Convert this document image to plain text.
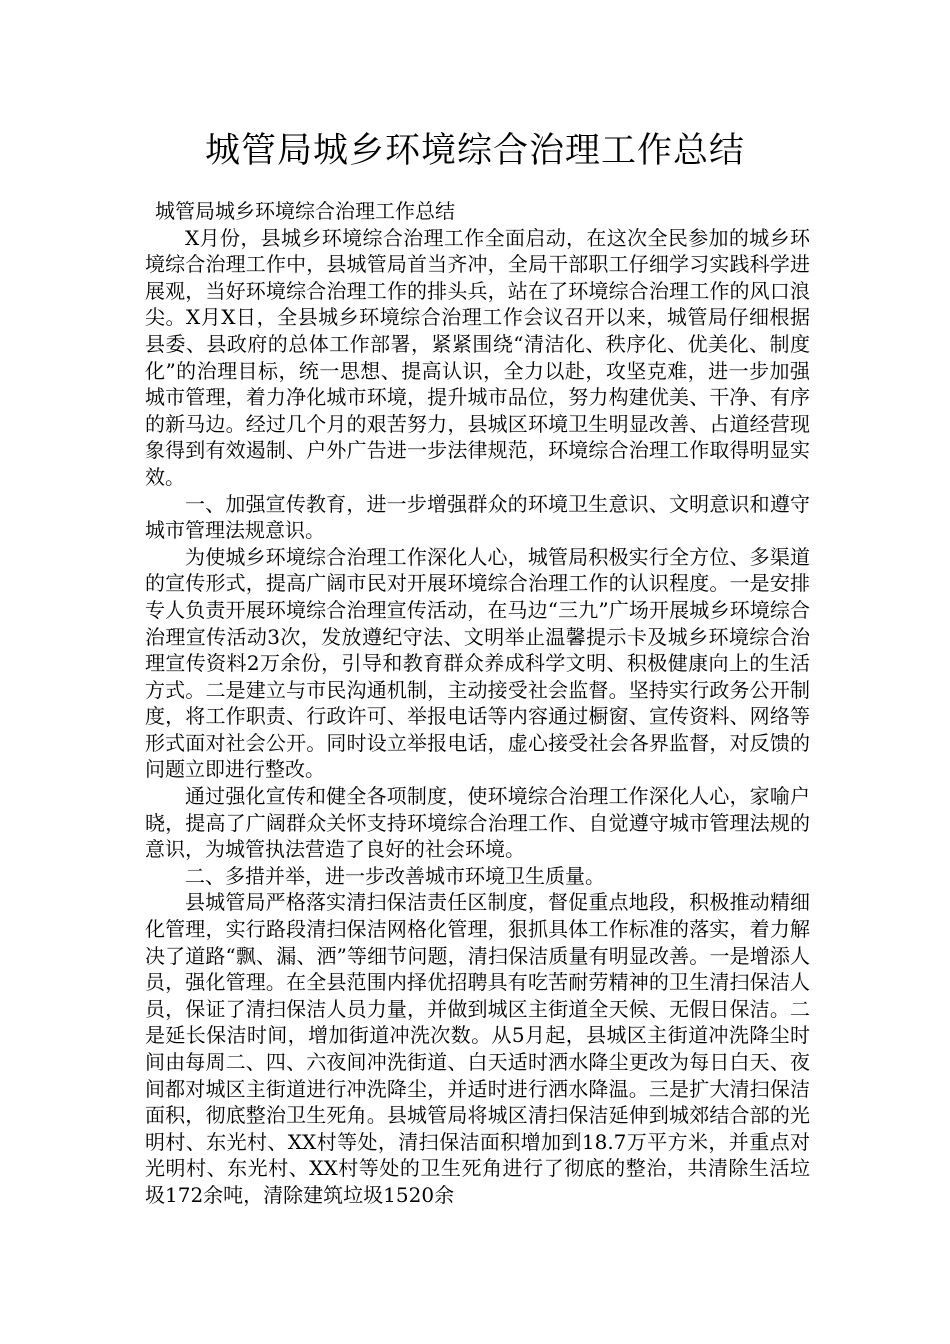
城管局城乡环境综合治理工作总结

城管局城乡环境综合治理工作总结

X月份，县城乡环境综合治理工作全面启动，在这次全民参加的城乡环境综合治理工作中，县城管局首当齐冲，全局干部职工仔细学习实践科学进展观，当好环境综合治理工作的排头兵，站在了环境综合治理工作的风口浪尖。X月X日，全县城乡环境综合治理工作会议召开以来，城管局仔细根据县委、县政府的总体工作部署，紧紧围绕“清洁化、秩序化、优美化、制度化”的治理目标，统一思想、提高认识，全力以赴，攻坚克难，进一步加强城市管理，着力净化城市环境，提升城市品位，努力构建优美、干净、有序的新马边。经过几个月的艰苦努力，县城区环境卫生明显改善、占道经营现象得到有效遏制、户外广告进一步法律规范，环境综合治理工作取得明显实效。

一、加强宣传教育，进一步增强群众的环境卫生意识、文明意识和遵守城市管理法规意识。

为使城乡环境综合治理工作深化人心，城管局积极实行全方位、多渠道的宣传形式，提高广阔市民对开展环境综合治理工作的认识程度。一是安排专人负责开展环境综合治理宣传活动，在马边“三九”广场开展城乡环境综合治理宣传活动3次，发放遵纪守法、文明举止温馨提示卡及城乡环境综合治理宣传资料2万余份，引导和教育群众养成科学文明、积极健康向上的生活方式。二是建立与市民沟通机制，主动接受社会监督。坚持实行政务公开制度，将工作职责、行政许可、举报电话等内容通过橱窗、宣传资料、网络等形式面对社会公开。同时设立举报电话，虚心接受社会各界监督，对反馈的问题立即进行整改。

通过强化宣传和健全各项制度，使环境综合治理工作深化人心，家喻户晓，提高了广阔群众关怀支持环境综合治理工作、自觉遵守城市管理法规的意识，为城管执法营造了良好的社会环境。

二、多措并举，进一步改善城市环境卫生质量。

县城管局严格落实清扫保洁责任区制度，督促重点地段，积极推动精细化管理，实行路段清扫保洁网格化管理，狠抓具体工作标准的落实，着力解决了道路“飘、漏、洒”等细节问题，清扫保洁质量有明显改善。一是增添人员，强化管理。在全县范围内择优招聘具有吃苦耐劳精神的卫生清扫保洁人员，保证了清扫保洁人员力量，并做到城区主街道全天候、无假日保洁。二是延长保洁时间，增加街道冲洗次数。从5月起，县城区主街道冲洗降尘时间由每周二、四、六夜间冲洗街道、白天适时洒水降尘更改为每日白天、夜间都对城区主街道进行冲洗降尘，并适时进行洒水降温。三是扩大清扫保洁面积，彻底整治卫生死角。县城管局将城区清扫保洁延伸到城郊结合部的光明村、东光村、XX村等处，清扫保洁面积增加到18.7万平方米，并重点对光明村、东光村、XX村等处的卫生死角进行了彻底的整治，共清除生活垃圾172余吨，清除建筑垃圾1520余
